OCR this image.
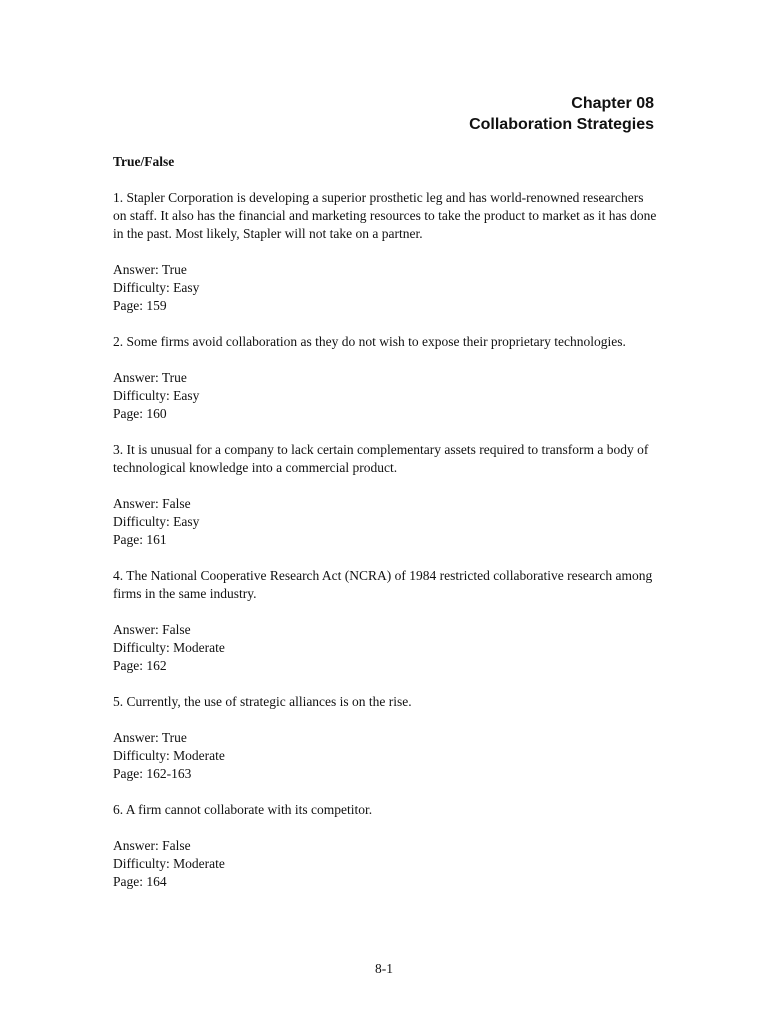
Chapter 08
Collaboration Strategies
True/False
1. Stapler Corporation is developing a superior prosthetic leg and has world-renowned researchers on staff. It also has the financial and marketing resources to take the product to market as it has done in the past. Most likely, Stapler will not take on a partner.
Answer: True
Difficulty: Easy
Page: 159
2. Some firms avoid collaboration as they do not wish to expose their proprietary technologies.
Answer: True
Difficulty: Easy
Page: 160
3. It is unusual for a company to lack certain complementary assets required to transform a body of technological knowledge into a commercial product.
Answer: False
Difficulty: Easy
Page: 161
4. The National Cooperative Research Act (NCRA) of 1984 restricted collaborative research among firms in the same industry.
Answer: False
Difficulty: Moderate
Page: 162
5. Currently, the use of strategic alliances is on the rise.
Answer: True
Difficulty: Moderate
Page: 162-163
6. A firm cannot collaborate with its competitor.
Answer: False
Difficulty: Moderate
Page: 164
8-1
